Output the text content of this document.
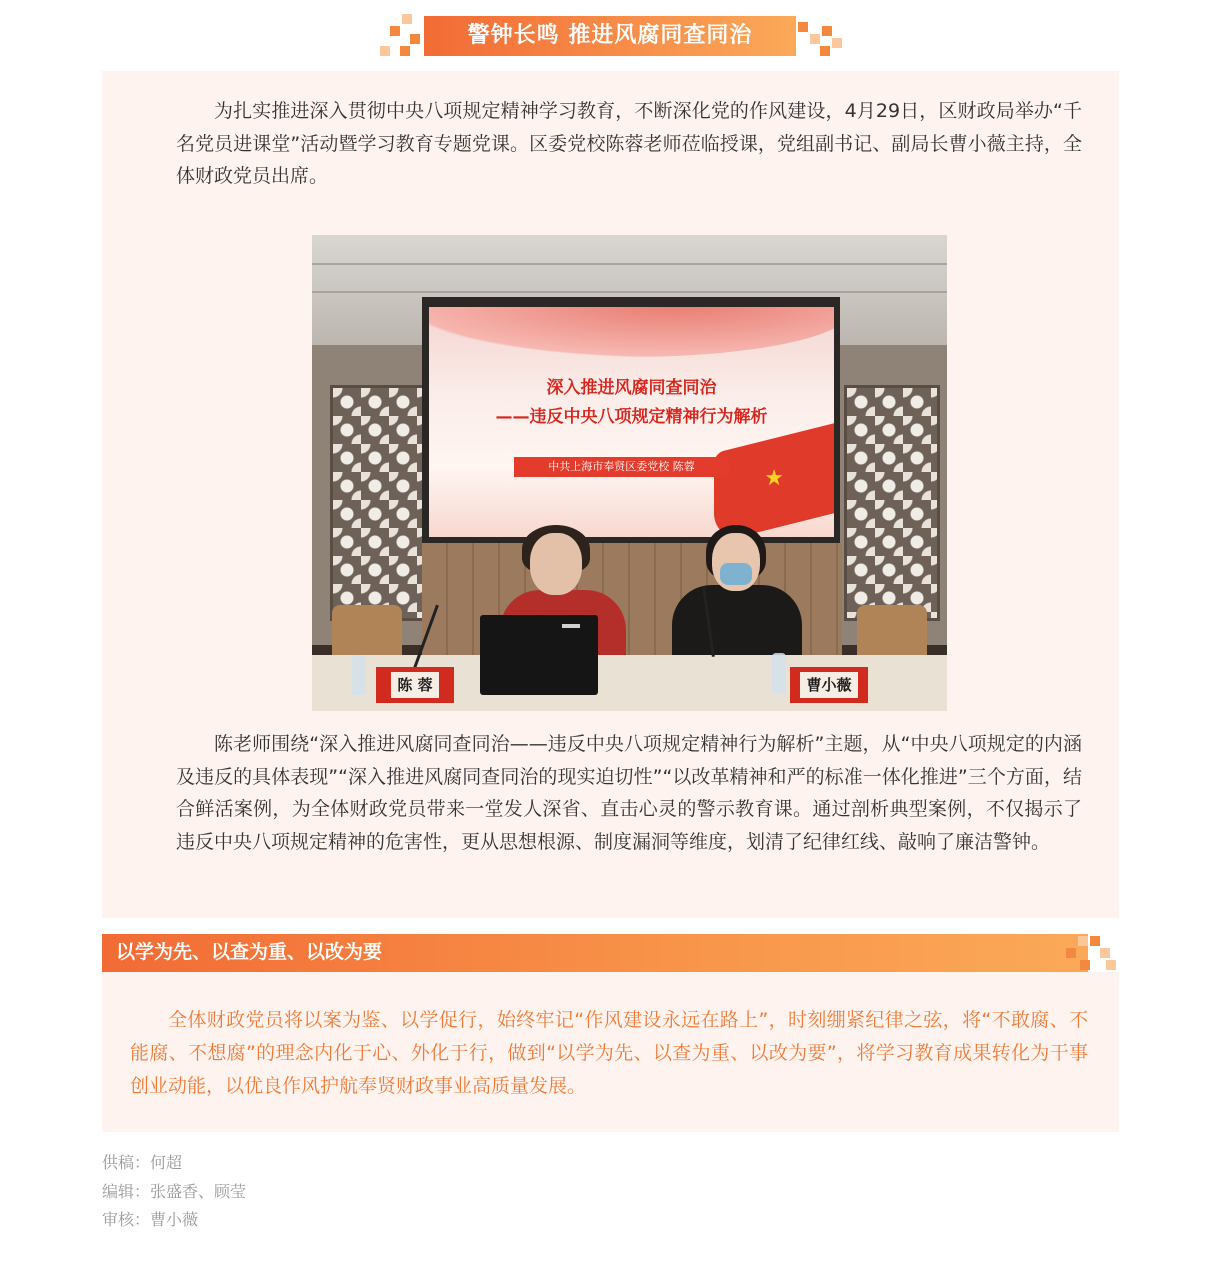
警钟长鸣 推进风腐同查同治

为扎实推进深入贯彻中央八项规定精神学习教育，不断深化党的作风建设，4月29日，区财政局举办“千名党员进课堂”活动暨学习教育专题党课。区委党校陈蓉老师莅临授课，党组副书记、副局长曹小薇主持，全体财政党员出席。

★
深入推进风腐同查同治
——违反中央八项规定精神行为解析
中共上海市奉贤区委党校 陈蓉
陈 蓉	曹小薇

陈老师围绕“深入推进风腐同查同治——违反中央八项规定精神行为解析”主题，从“中央八项规定的内涵及违反的具体表现”“深入推进风腐同查同治的现实迫切性”“以改革精神和严的标准一体化推进”三个方面，结合鲜活案例，为全体财政党员带来一堂发人深省、直击心灵的警示教育课。通过剖析典型案例，不仅揭示了违反中央八项规定精神的危害性，更从思想根源、制度漏洞等维度，划清了纪律红线、敲响了廉洁警钟。

以学为先、以查为重、以改为要

全体财政党员将以案为鉴、以学促行，始终牢记“作风建设永远在路上”，时刻绷紧纪律之弦，将“不敢腐、不能腐、不想腐”的理念内化于心、外化于行，做到“以学为先、以查为重、以改为要”，将学习教育成果转化为干事创业动能，以优良作风护航奉贤财政事业高质量发展。

供稿：何超
编辑：张盛香、顾莹
审核：曹小薇
